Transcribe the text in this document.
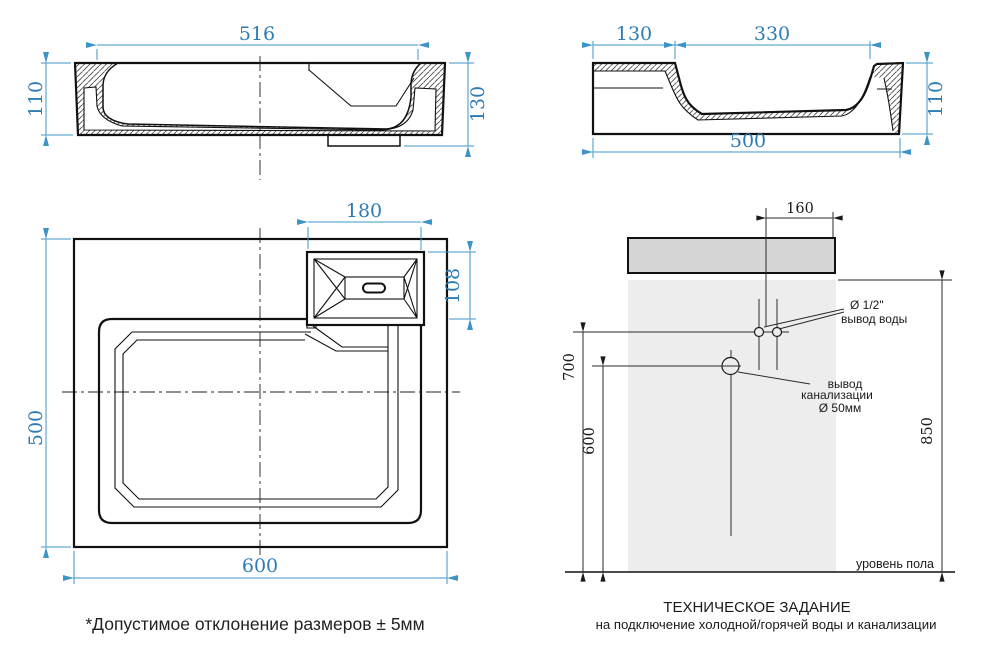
516
110	130
130	330
110
500
180
108
500
600
160
Ø 1/2"
вывод воды
вывод
канализации
Ø 50мм
уровень пола
700
600	850
ТЕХНИЧЕСКОЕ ЗАДАНИЕ
на подключение холодной/горячей воды и канализации
*Допустимое отклонение размеров ± 5мм
